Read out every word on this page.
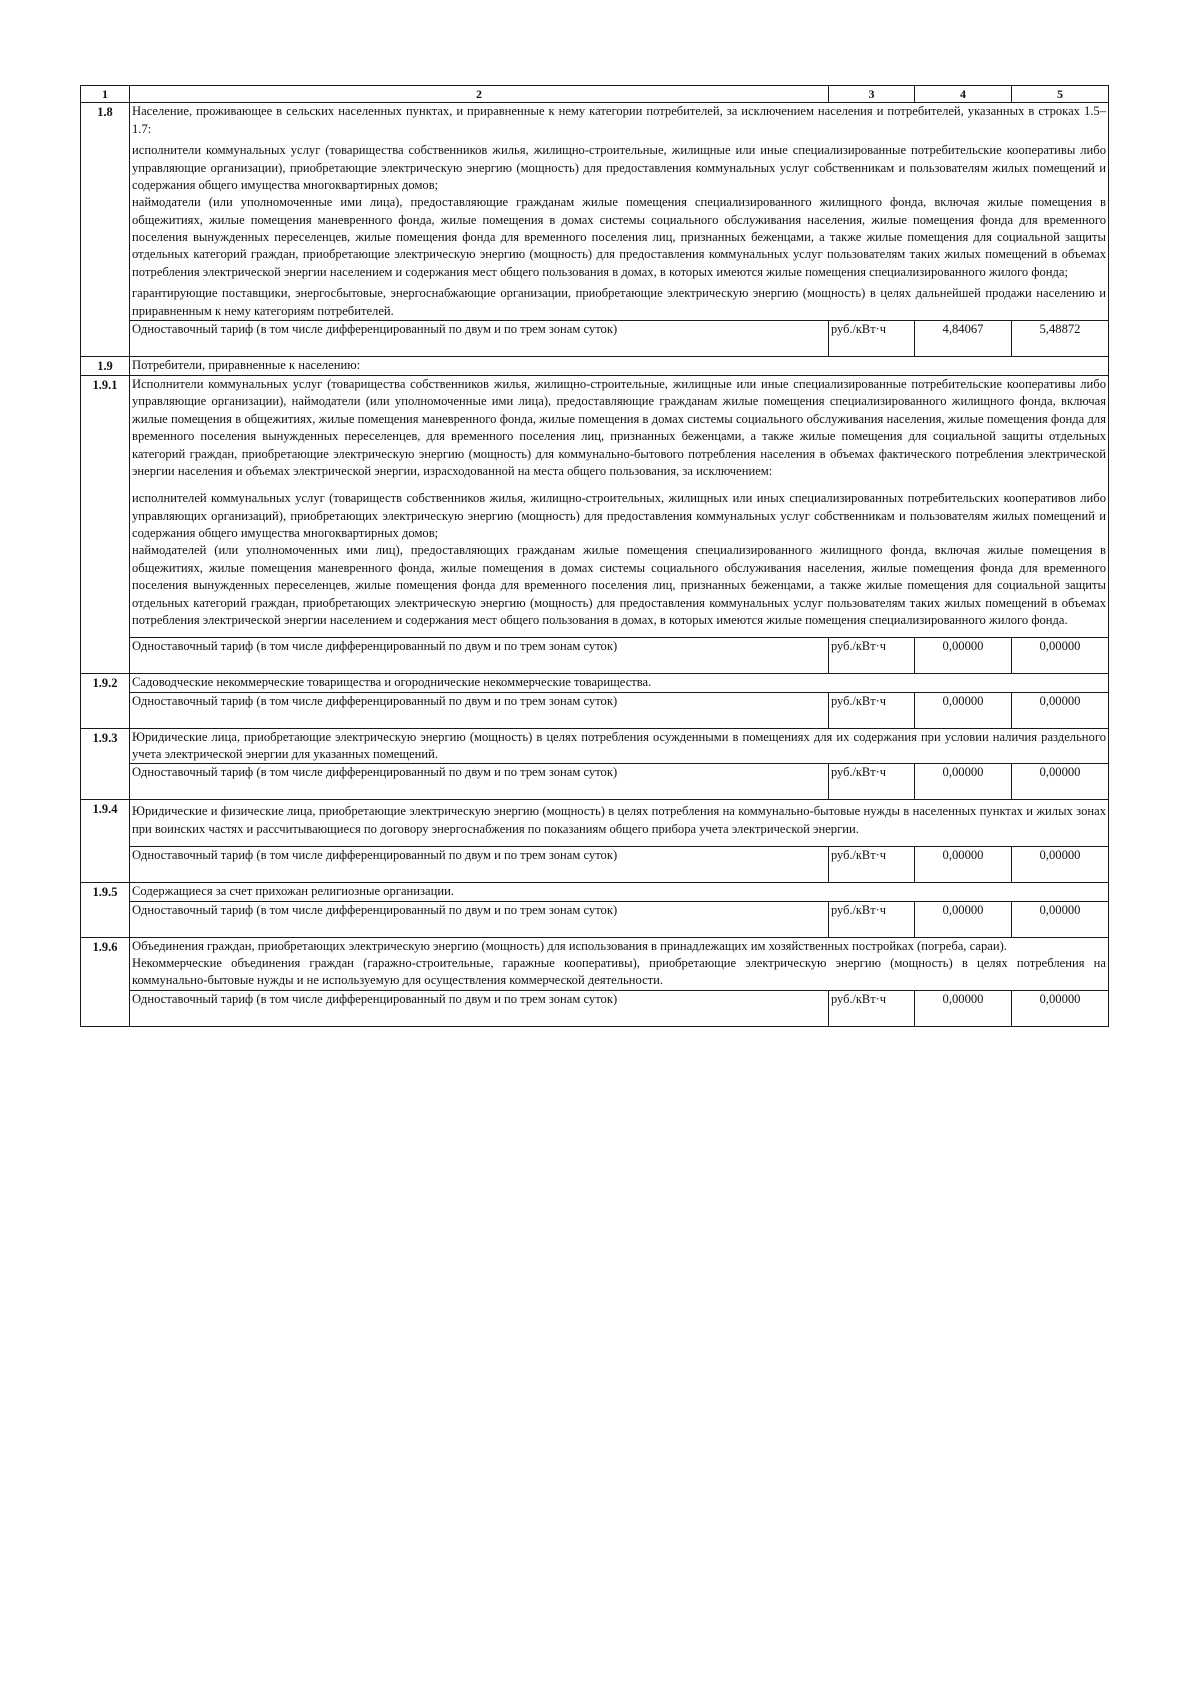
1	2	3	4	5
1.8	Население, проживающее в сельских населенных пунктах, и приравненные к нему категории потребителей, за исключением населения и потребителей, указанных в строках 1.5–1.7:

исполнители коммунальных услуг (товарищества собственников жилья, жилищно-строительные, жилищные или иные специализированные потребительские кооперативы либо управляющие организации), приобретающие электрическую энергию (мощность) для предоставления коммунальных услуг собственникам и пользователям жилых помещений и содержания общего имущества многоквартирных домов;

наймодатели (или уполномоченные ими лица), предоставляющие гражданам жилые помещения специализированного жилищного фонда, включая жилые помещения в общежитиях, жилые помещения маневренного фонда, жилые помещения в домах системы социального обслуживания населения, жилые помещения фонда для временного поселения вынужденных переселенцев, жилые помещения фонда для временного поселения лиц, признанных беженцами, а также жилые помещения для социальной защиты отдельных категорий граждан, приобретающие электрическую энергию (мощность) для предоставления коммунальных услуг пользователям таких жилых помещений в объемах потребления электрической энергии населением и содержания мест общего пользования в домах, в которых имеются жилые помещения специализированного жилого фонда;

гарантирующие поставщики, энергосбытовые, энергоснабжающие организации, приобретающие электрическую энергию (мощность) в целях дальнейшей продажи населению и приравненным к нему категориям потребителей.			

	Одноставочный тариф (в том числе дифференцированный по двум и по трем зонам суток)	руб./кВт·ч	4,84067	5,48872
1.9	Потребители, приравненные к населению:			

1.9.1	Исполнители коммунальных услуг (товарищества собственников жилья, жилищно-строительные, жилищные или иные специализированные потребительские кооперативы либо управляющие организации), наймодатели (или уполномоченные ими лица), предоставляющие гражданам жилые помещения специализированного жилищного фонда, включая жилые помещения в общежитиях, жилые помещения маневренного фонда, жилые помещения в домах системы социального обслуживания населения, жилые помещения фонда для временного поселения вынужденных переселенцев, для временного поселения лиц, признанных беженцами, а также жилые помещения для социальной защиты отдельных категорий граждан, приобретающие электрическую энергию (мощность) для коммунально-бытового потребления населения в объемах фактического потребления электрической энергии населения и объемах электрической энергии, израсходованной на места общего пользования, за исключением:

исполнителей коммунальных услуг (товариществ собственников жилья, жилищно-строительных, жилищных или иных специализированных потребительских кооперативов либо управляющих организаций), приобретающих электрическую энергию (мощность) для предоставления коммунальных услуг собственникам и пользователям жилых помещений и содержания общего имущества многоквартирных домов;

наймодателей (или уполномоченных ими лиц), предоставляющих гражданам жилые помещения специализированного жилищного фонда, включая жилые помещения в общежитиях, жилые помещения маневренного фонда, жилые помещения в домах системы социального обслуживания населения, жилые помещения фонда для временного поселения вынужденных переселенцев, жилые помещения фонда для временного поселения лиц, признанных беженцами, а также жилые помещения для социальной защиты отдельных категорий граждан, приобретающих электрическую энергию (мощность) для предоставления коммунальных услуг пользователям таких жилых помещений в объемах потребления электрической энергии населением и содержания мест общего пользования в домах, в которых имеются жилые помещения специализированного жилого фонда.			

	Одноставочный тариф (в том числе дифференцированный по двум и по трем зонам суток)	руб./кВт·ч	0,00000	0,00000
1.9.2	Садоводческие некоммерческие товарищества и огороднические некоммерческие товарищества.			

	Одноставочный тариф (в том числе дифференцированный по двум и по трем зонам суток)	руб./кВт·ч	0,00000	0,00000
1.9.3	Юридические лица, приобретающие электрическую энергию (мощность) в целях потребления осужденными в помещениях для их содержания при условии наличия раздельного учета электрической энергии для указанных помещений.			

	Одноставочный тариф (в том числе дифференцированный по двум и по трем зонам суток)	руб./кВт·ч	0,00000	0,00000
1.9.4	Юридические и физические лица, приобретающие электрическую энергию (мощность) в целях потребления на коммунально-бытовые нужды в населенных пунктах и жилых зонах при воинских частях и рассчитывающиеся по договору энергоснабжения по показаниям общего прибора учета электрической энергии.			

	Одноставочный тариф (в том числе дифференцированный по двум и по трем зонам суток)	руб./кВт·ч	0,00000	0,00000
1.9.5	Содержащиеся за счет прихожан религиозные организации.			

	Одноставочный тариф (в том числе дифференцированный по двум и по трем зонам суток)	руб./кВт·ч	0,00000	0,00000
1.9.6	Объединения граждан, приобретающих электрическую энергию (мощность) для использования в принадлежащих им хозяйственных постройках (погреба, сараи).

Некоммерческие объединения граждан (гаражно-строительные, гаражные кооперативы), приобретающие электрическую энергию (мощность) в целях потребления на коммунально-бытовые нужды и не используемую для осуществления коммерческой деятельности.			

	Одноставочный тариф (в том числе дифференцированный по двум и по трем зонам суток)	руб./кВт·ч	0,00000	0,00000
